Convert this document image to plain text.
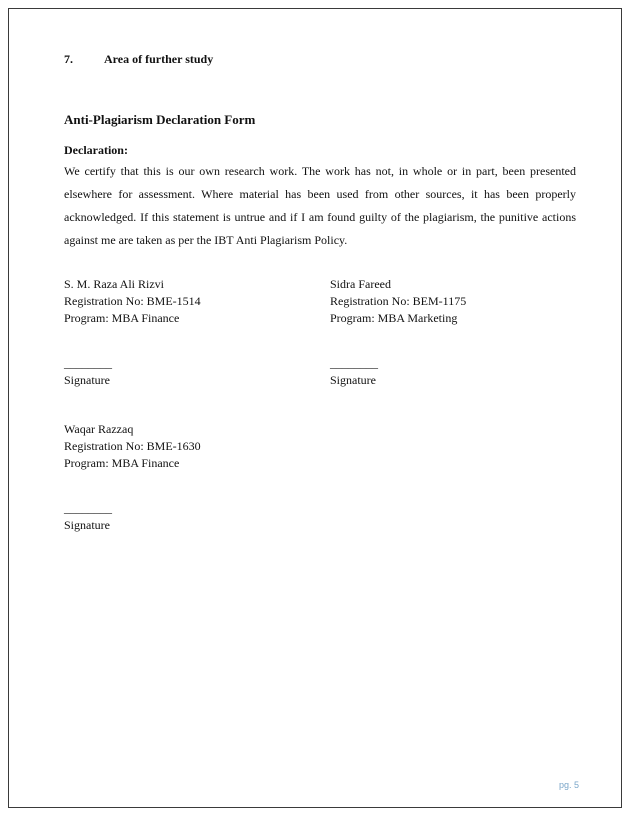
7.	Area of further study
Anti-Plagiarism Declaration Form
Declaration:
We certify that this is our own research work. The work has not, in whole or in part, been presented
elsewhere for assessment. Where material has been used from other sources, it has been properly
acknowledged. If this statement is untrue and if I am found guilty of the plagiarism, the punitive actions
against me are taken as per the IBT Anti Plagiarism Policy.
S. M. Raza Ali Rizvi
Registration No: BME-1514
Program: MBA Finance
________
Signature
Sidra Fareed
Registration No: BEM-1175
Program: MBA Marketing
________
Signature
Waqar Razzaq
Registration No: BME-1630
Program: MBA Finance
________
Signature
pg. 5
